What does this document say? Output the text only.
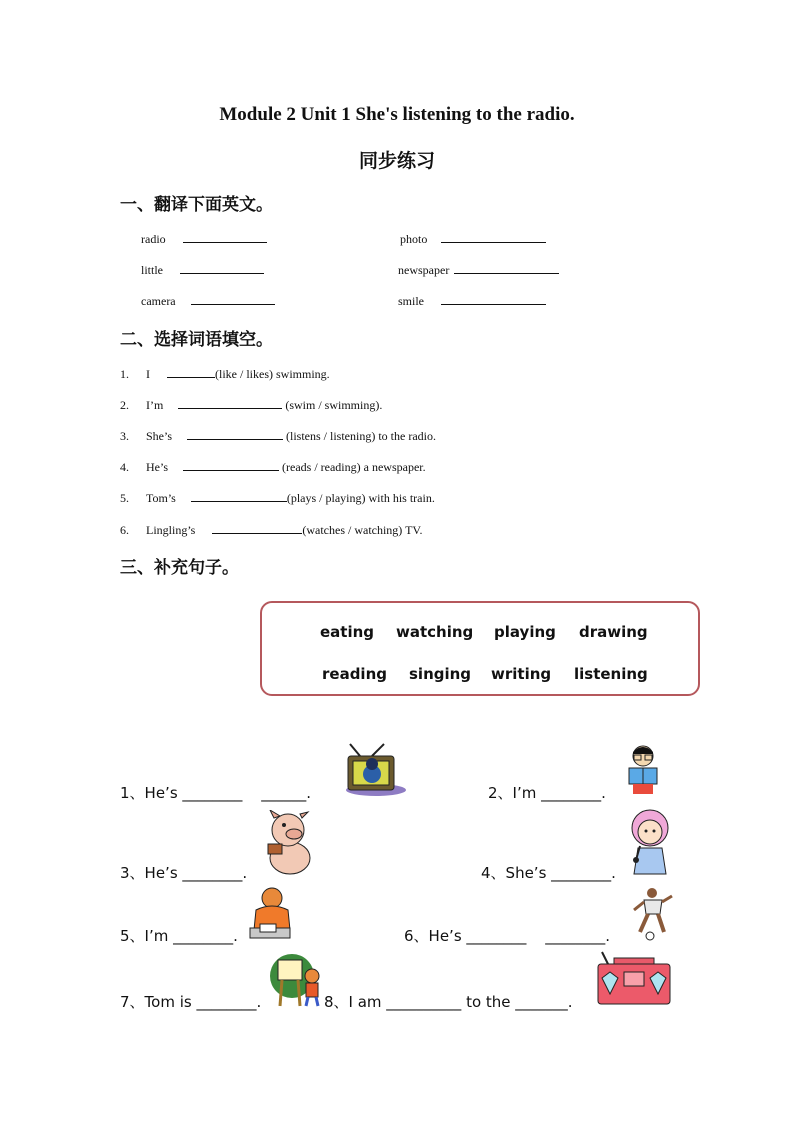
Module 2 Unit 1 She's listening to the radio.
同步练习
一、翻译下面英文。
radio	photo
little	newspaper
camera	smile
二、选择词语填空。
1. I	(like / likes) swimming.
2. I’m	(swim / swimming).
3. She’s	(listens / listening) to the radio.
4. He’s	(reads / reading) a newspaper.
5. Tom’s	(plays / playing) with his train.
6. Lingling’s	(watches / watching) TV.
三、补充句子。
eating watching playing drawing
reading singing writing listening
1、He’s ________ ______.	2、I’m ________.
3、He’s ________.	4、She’s ________.
5、I’m ________.	6、He’s ________ ________.
7、Tom is ________.	8、I am __________ to the _______.
